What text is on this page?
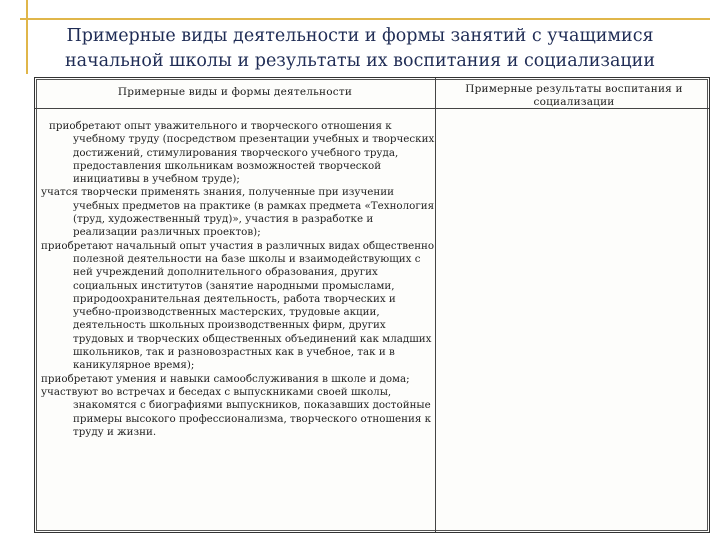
Примерные виды деятельности и формы занятий с учащимися
начальной школы и результаты их воспитания и социализации
Примерные виды и формы деятельности	Примерные результаты воспитания и социализации
приобретают опыт уважительного и творческого отношения к учебному труду (посредством презентации учебных и творческих достижений, стимулирования творческого учебного труда, предоставления школьникам возможностей творческой инициативы в учебном труде);
учатся творчески применять знания, полученные при изучении учебных предметов на практике (в рамках предмета «Технология (труд, художественный труд)», участия в разработке и реализации различных проектов);
приобретают начальный опыт участия в различных видах общественно полезной деятельности на базе школы и взаимодействующих с ней учреждений дополнительного образования, других социальных институтов (занятие народными промыслами, природоохранительная деятельность, работа творческих и учебно-производственных мастерских, трудовые акции, деятельность школьных производственных фирм, других трудовых и творческих общественных объединений как младших школьников, так и разновозрастных как в учебное, так и в каникулярное время);
приобретают умения и навыки самообслуживания в школе и дома;
участвуют во встречах и беседах с выпускниками своей школы, знакомятся с биографиями выпускников, показавших достойные примеры высокого профессионализма, творческого отношения к труду и жизни.
